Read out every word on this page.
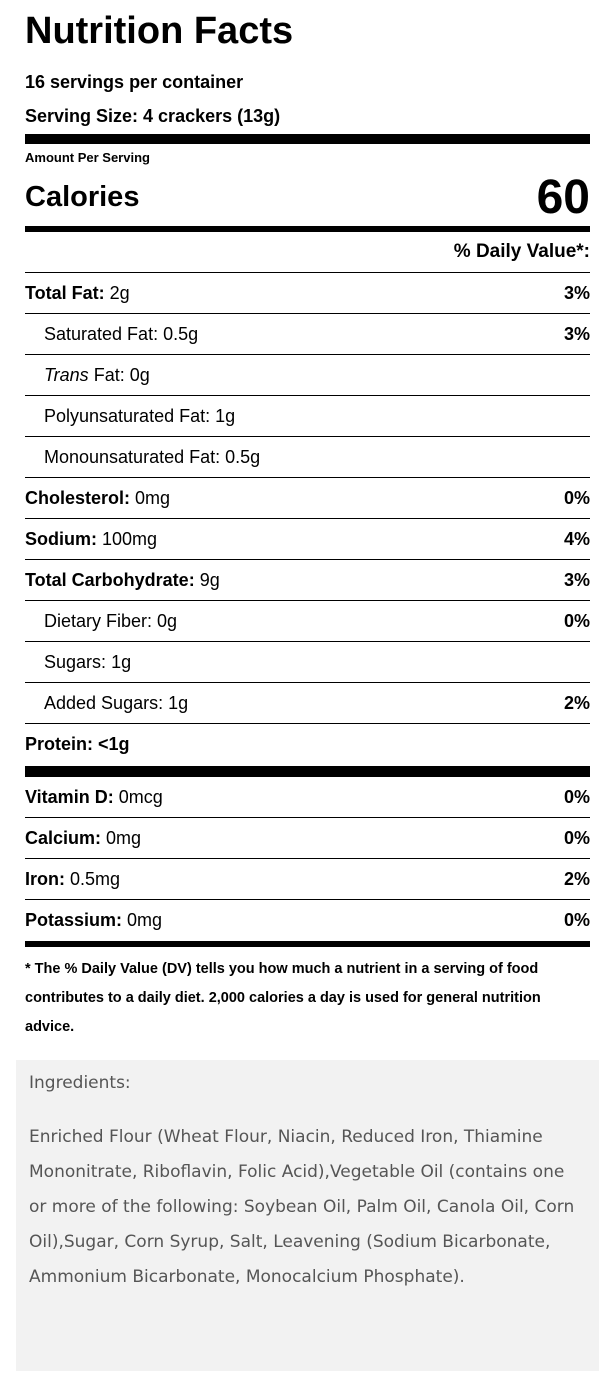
Nutrition Facts
16 servings per container
Serving Size: 4 crackers (13g)
Amount Per Serving
Calories	60
% Daily Value*:
Total Fat: 2g	3%
Saturated Fat: 0.5g	3%
Trans Fat: 0g
Polyunsaturated Fat: 1g
Monounsaturated Fat: 0.5g
Cholesterol: 0mg	0%
Sodium: 100mg	4%
Total Carbohydrate: 9g	3%
Dietary Fiber: 0g	0%
Sugars: 1g
Added Sugars: 1g	2%
Protein: <1g
Vitamin D: 0mcg	0%
Calcium: 0mg	0%
Iron: 0.5mg	2%
Potassium: 0mg	0%
* The % Daily Value (DV) tells you how much a nutrient in a serving of food contributes to a daily diet. 2,000 calories a day is used for general nutrition advice.
Ingredients:
Enriched Flour (Wheat Flour, Niacin, Reduced Iron, Thiamine Mononitrate, Riboflavin, Folic Acid),Vegetable Oil (contains one or more of the following: Soybean Oil, Palm Oil, Canola Oil, Corn Oil),Sugar, Corn Syrup, Salt, Leavening (Sodium Bicarbonate, Ammonium Bicarbonate, Monocalcium Phosphate).
